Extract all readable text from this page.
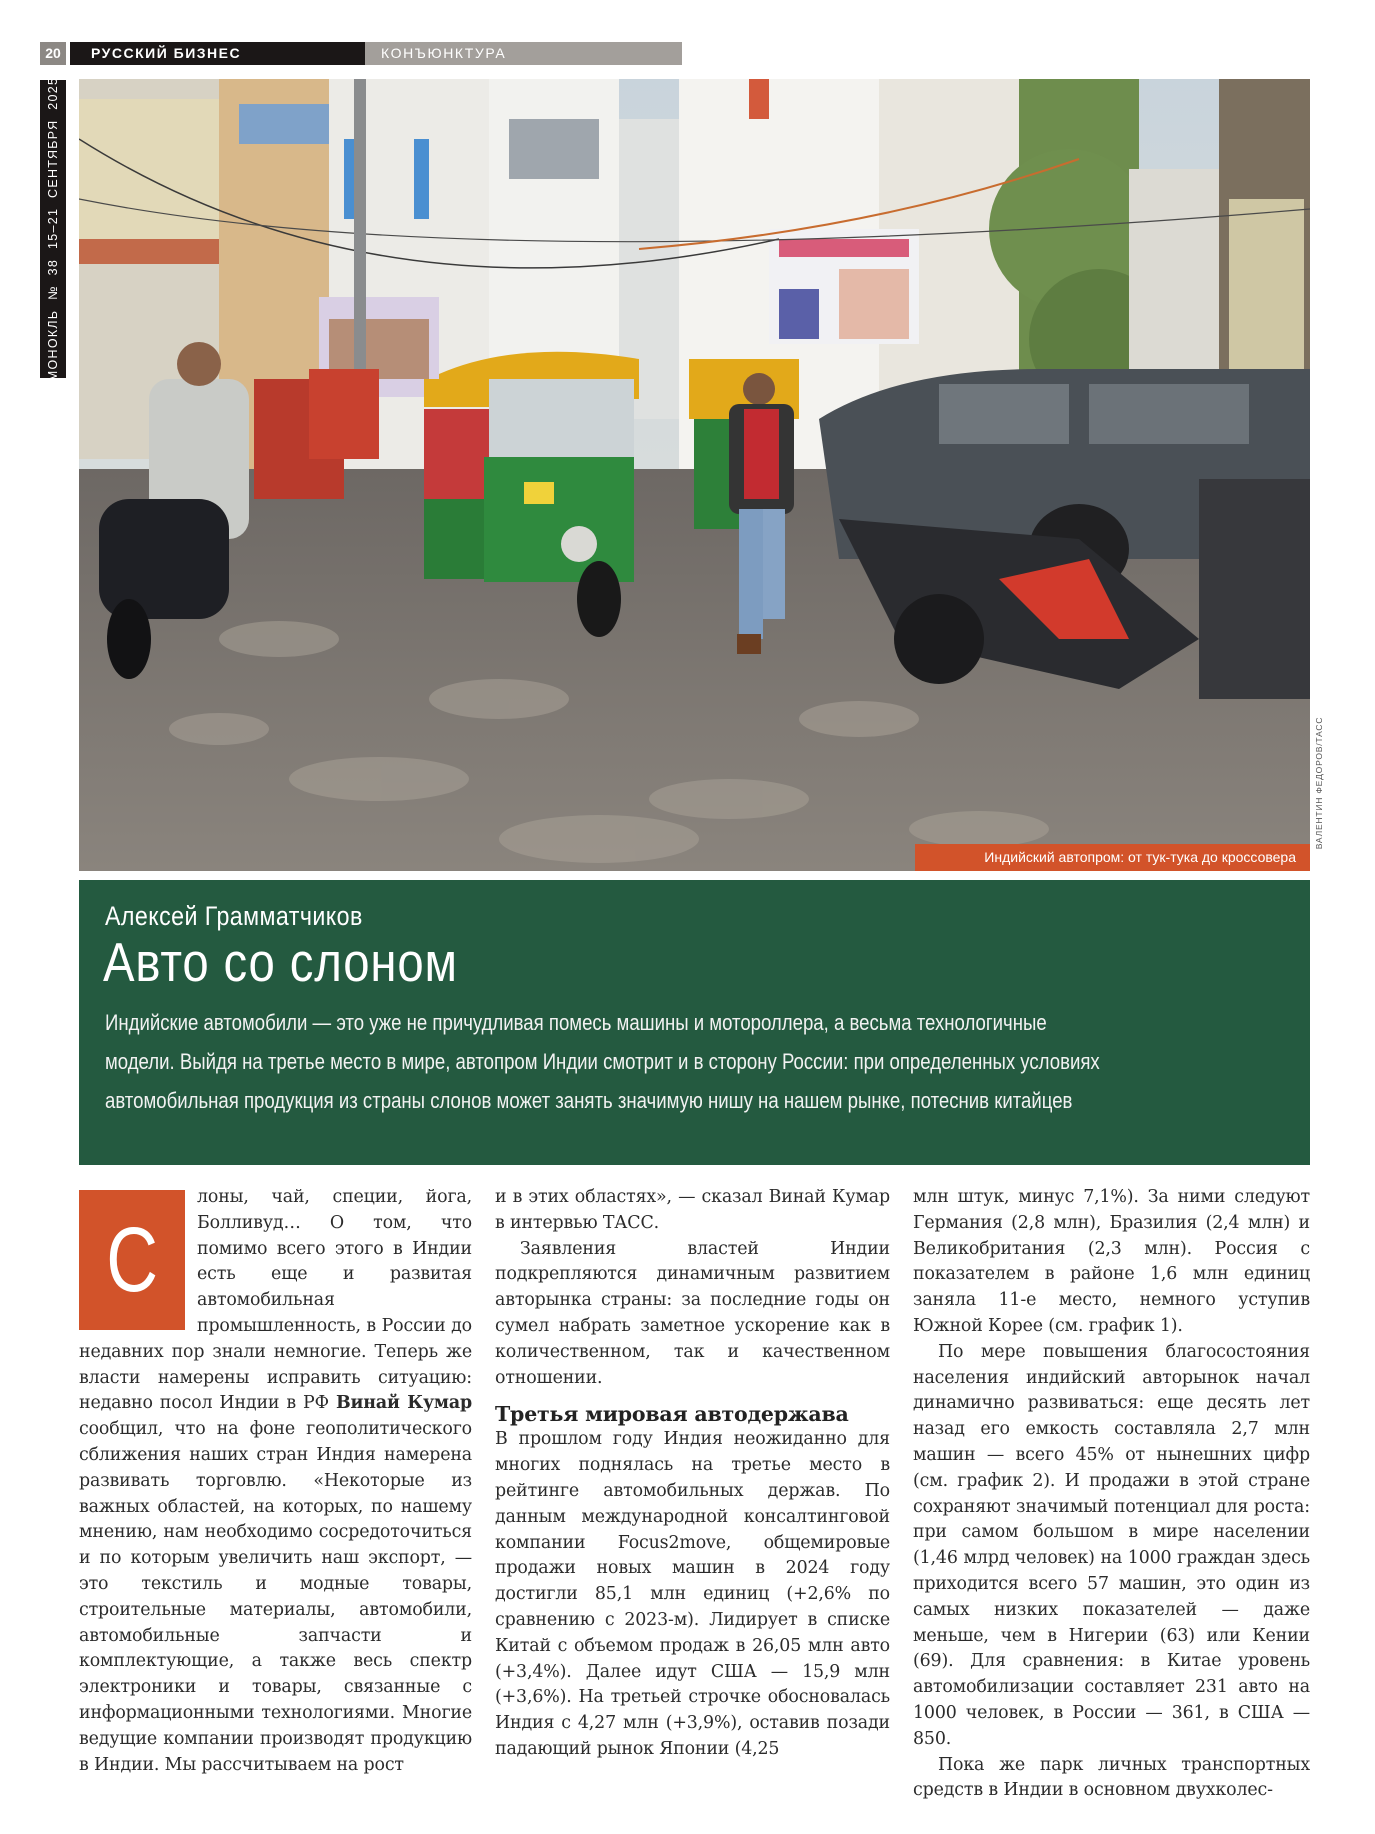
20	РУССКИЙ БИЗНЕС	КОНЪЮНКТУРА
МОНОКЛЬ № 38 15–21 СЕНТЯБРЯ 2025
Индийский автопром: от тук-тука до кроссовера
ВАЛЕНТИН ФЕДОРОВ/ТАСС
Алексей Грамматчиков
Авто со слоном
Индийские автомобили — это уже не причудливая помесь машины и мотороллера, а весьма технологичные
модели. Выйдя на третье место в мире, автопром Индии смотрит и в сторону России: при определенных условиях
автомобильная продукция из страны слонов может занять значимую нишу на нашем рынке, потеснив китайцев
С

лоны, чай, специи, йога, Болливуд… О том, что помимо всего этого в Индии есть еще и развитая автомобильная промышленность, в России до недавних пор знали немногие. Теперь же власти намерены исправить ситуацию: недавно посол Индии в РФ Винай Кумар сообщил, что на фоне геополитического сближения наших стран Индия намерена развивать торговлю. «Некоторые из важных областей, на которых, по нашему мнению, нам необходимо сосредоточиться и по которым увеличить наш экспорт, — это текстиль и модные товары, строительные материалы, автомобили, автомобильные запчасти и комплектующие, а также весь спектр электроники и товары, связанные с информационными технологиями. Многие ведущие компании производят продукцию в Индии. Мы рассчитываем на рост

и в этих областях», — сказал Винай Кумар в интервью ТАСС.

Заявления властей Индии подкрепляются динамичным развитием авторынка страны: за последние годы он сумел набрать заметное ускорение как в количественном, так и качественном отношении.

Третья мировая автодержава

В прошлом году Индия неожиданно для многих поднялась на третье место в рейтинге автомобильных держав. По данным международной консалтинговой компании Focus2move, общемировые продажи новых машин в 2024 году достигли 85,1 млн единиц (+2,6% по сравнению с 2023-м). Лидирует в списке Китай с объемом продаж в 26,05 млн авто (+3,4%). Далее идут США — 15,9 млн (+3,6%). На третьей строчке обосновалась Индия с 4,27 млн (+3,9%), оставив позади падающий рынок Японии (4,25

млн штук, минус 7,1%). За ними следуют Германия (2,8 млн), Бразилия (2,4 млн) и Великобритания (2,3 млн). Россия с показателем в районе 1,6 млн единиц заняла 11-е место, немного уступив Южной Корее (см. график 1).

По мере повышения благосостояния населения индийский авторынок начал динамично развиваться: еще десять лет назад его емкость составляла 2,7 млн машин — всего 45% от нынешних цифр (см. график 2). И продажи в этой стране сохраняют значимый потенциал для роста: при самом большом в мире населении (1,46 млрд человек) на 1000 граждан здесь приходится всего 57 машин, это один из самых низких показателей — даже меньше, чем в Нигерии (63) или Кении (69). Для сравнения: в Китае уровень автомобилизации составляет 231 авто на 1000 человек, в России — 361, в США — 850.

Пока же парк личных транспортных средств в Индии в основном двухколес-
